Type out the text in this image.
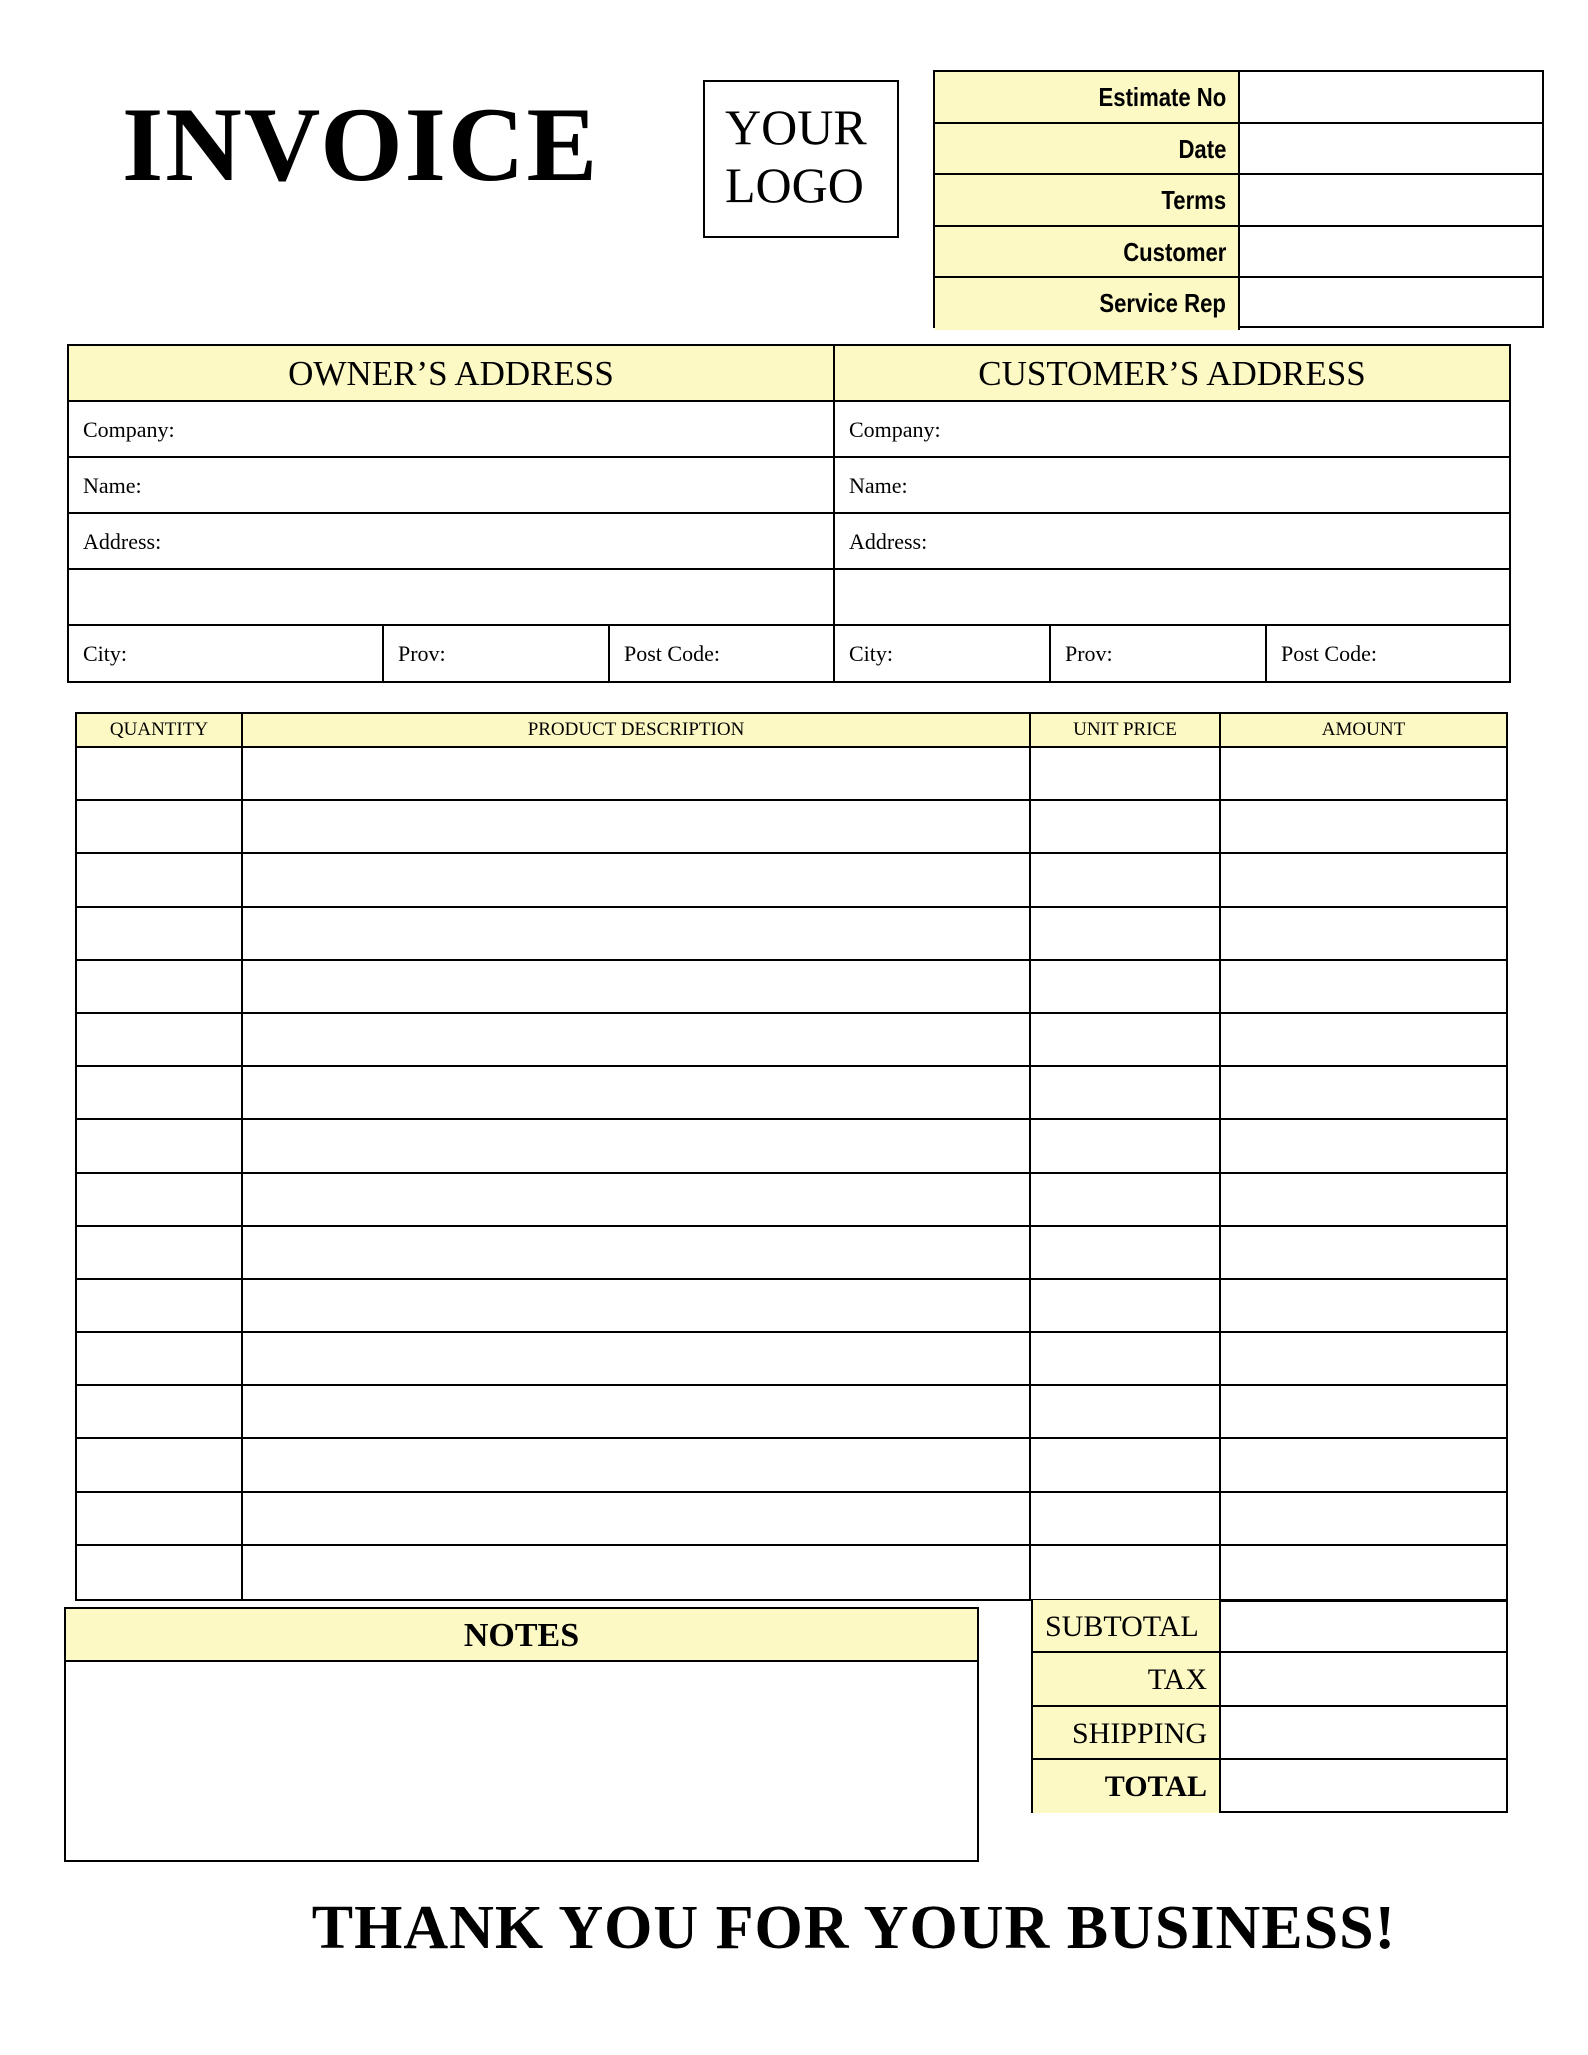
INVOICE	YOUR
LOGO
Estimate No
Date
Terms
Customer
Service Rep
OWNER’S ADDRESS
Company:
Name:
Address:
City:	Prov:	Post Code:
CUSTOMER’S ADDRESS
Company:
Name:
Address:
City:	Prov:	Post Code:
QUANTITY	PRODUCT DESCRIPTION	UNIT PRICE	AMOUNT
SUBTOTAL
TAX
SHIPPING
TOTAL
NOTES
THANK YOU FOR YOUR BUSINESS!
